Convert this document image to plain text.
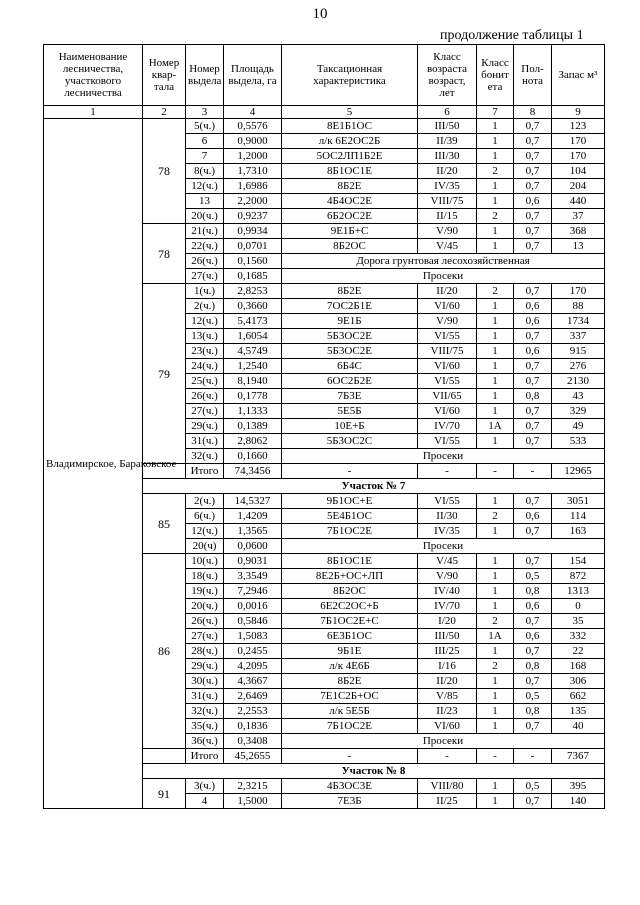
10
продолжение таблицы 1
Наименование лесничества, участкового лесничества	Номер квар-тала	Номер выдела	Площадь выдела, га	Таксационная характеристика	Класс возраста возраст, лет	Класс бонит ета	Пол-нота	Запас м³
1	2	3	4	5	6	7	8	9
Владимирское, Бараковское	78	5(ч.)	0,5576	8Е1Б1ОС	III/50	1	0,7	123
		6	0,9000	л/к 6Е2ОС2Б	II/39	1	0,7	170
		7	1,2000	5ОС2ЛП1Б2Е	III/30	1	0,7	170
		8(ч.)	1,7310	8Б1ОС1Е	II/20	2	0,7	104
		12(ч.)	1,6986	8Б2Е	IV/35	1	0,7	204
		13	2,2000	4Б4ОС2Е	VIII/75	1	0,6	440
		20(ч.)	0,9237	6Б2ОС2Е	II/15	2	0,7	37
	78	21(ч.)	0,9934	9Е1Б+С	V/90	1	0,7	368
		22(ч.)	0,0701	8Б2ОС	V/45	1	0,7	13
		26(ч.)	0,1560	Дорога грунтовая лесохозяйственная				
		27(ч.)	0,1685	Просеки				
	79	1(ч.)	2,8253	8Б2Е	II/20	2	0,7	170
		2(ч.)	0,3660	7ОС2Б1Е	VI/60	1	0,6	88
		12(ч.)	5,4173	9Е1Б	V/90	1	0,6	1734
		13(ч.)	1,6054	5Б3ОС2Е	VI/55	1	0,7	337
		23(ч.)	4,5749	5Б3ОС2Е	VIII/75	1	0,6	915
		24(ч.)	1,2540	6Б4С	VI/60	1	0,7	276
		25(ч.)	8,1940	6ОС2Б2Е	VI/55	1	0,7	2130
		26(ч.)	0,1778	7Б3Е	VII/65	1	0,8	43
		27(ч.)	1,1333	5Е5Б	VI/60	1	0,7	329
		29(ч.)	0,1389	10Е+Б	IV/70	1А	0,7	49
		31(ч.)	2,8062	5Б3ОС2С	VI/55	1	0,7	533
		32(ч.)	0,1660	Просеки				
		Итого	74,3456	-	-	-	-	12965
	Участок № 7							
	85	2(ч.)	14,5327	9Б1ОС+Е	VI/55	1	0,7	3051
		6(ч.)	1,4209	5Е4Б1ОС	II/30	2	0,6	114
		12(ч.)	1,3565	7Б1ОС2Е	IV/35	1	0,7	163
		20(ч)	0,0600	Просеки				
	86	10(ч.)	0,9031	8Б1ОС1Е	V/45	1	0,7	154
		18(ч.)	3,3549	8Е2Б+ОС+ЛП	V/90	1	0,5	872
		19(ч.)	7,2946	8Б2ОС	IV/40	1	0,8	1313
		20(ч.)	0,0016	6Е2С2ОС+Б	IV/70	1	0,6	0
		26(ч.)	0,5846	7Б1ОС2Е+С	I/20	2	0,7	35
		27(ч.)	1,5083	6Е3Б1ОС	III/50	1А	0,6	332
		28(ч.)	0,2455	9Б1Е	III/25	1	0,7	22
		29(ч.)	4,2095	л/к 4Е6Б	I/16	2	0,8	168
		30(ч.)	4,3667	8Б2Е	II/20	1	0,7	306
		31(ч.)	2,6469	7Е1С2Б+ОС	V/85	1	0,5	662
		32(ч.)	2,2553	л/к 5Е5Б	II/23	1	0,8	135
		35(ч.)	0,1836	7Б1ОС2Е	VI/60	1	0,7	40
		36(ч.)	0,3408	Просеки				
		Итого	45,2655	-	-	-	-	7367
	Участок № 8							
	91	3(ч.)	2,3215	4Б3ОС3Е	VIII/80	1	0,5	395
		4	1,5000	7Е3Б	II/25	1	0,7	140
